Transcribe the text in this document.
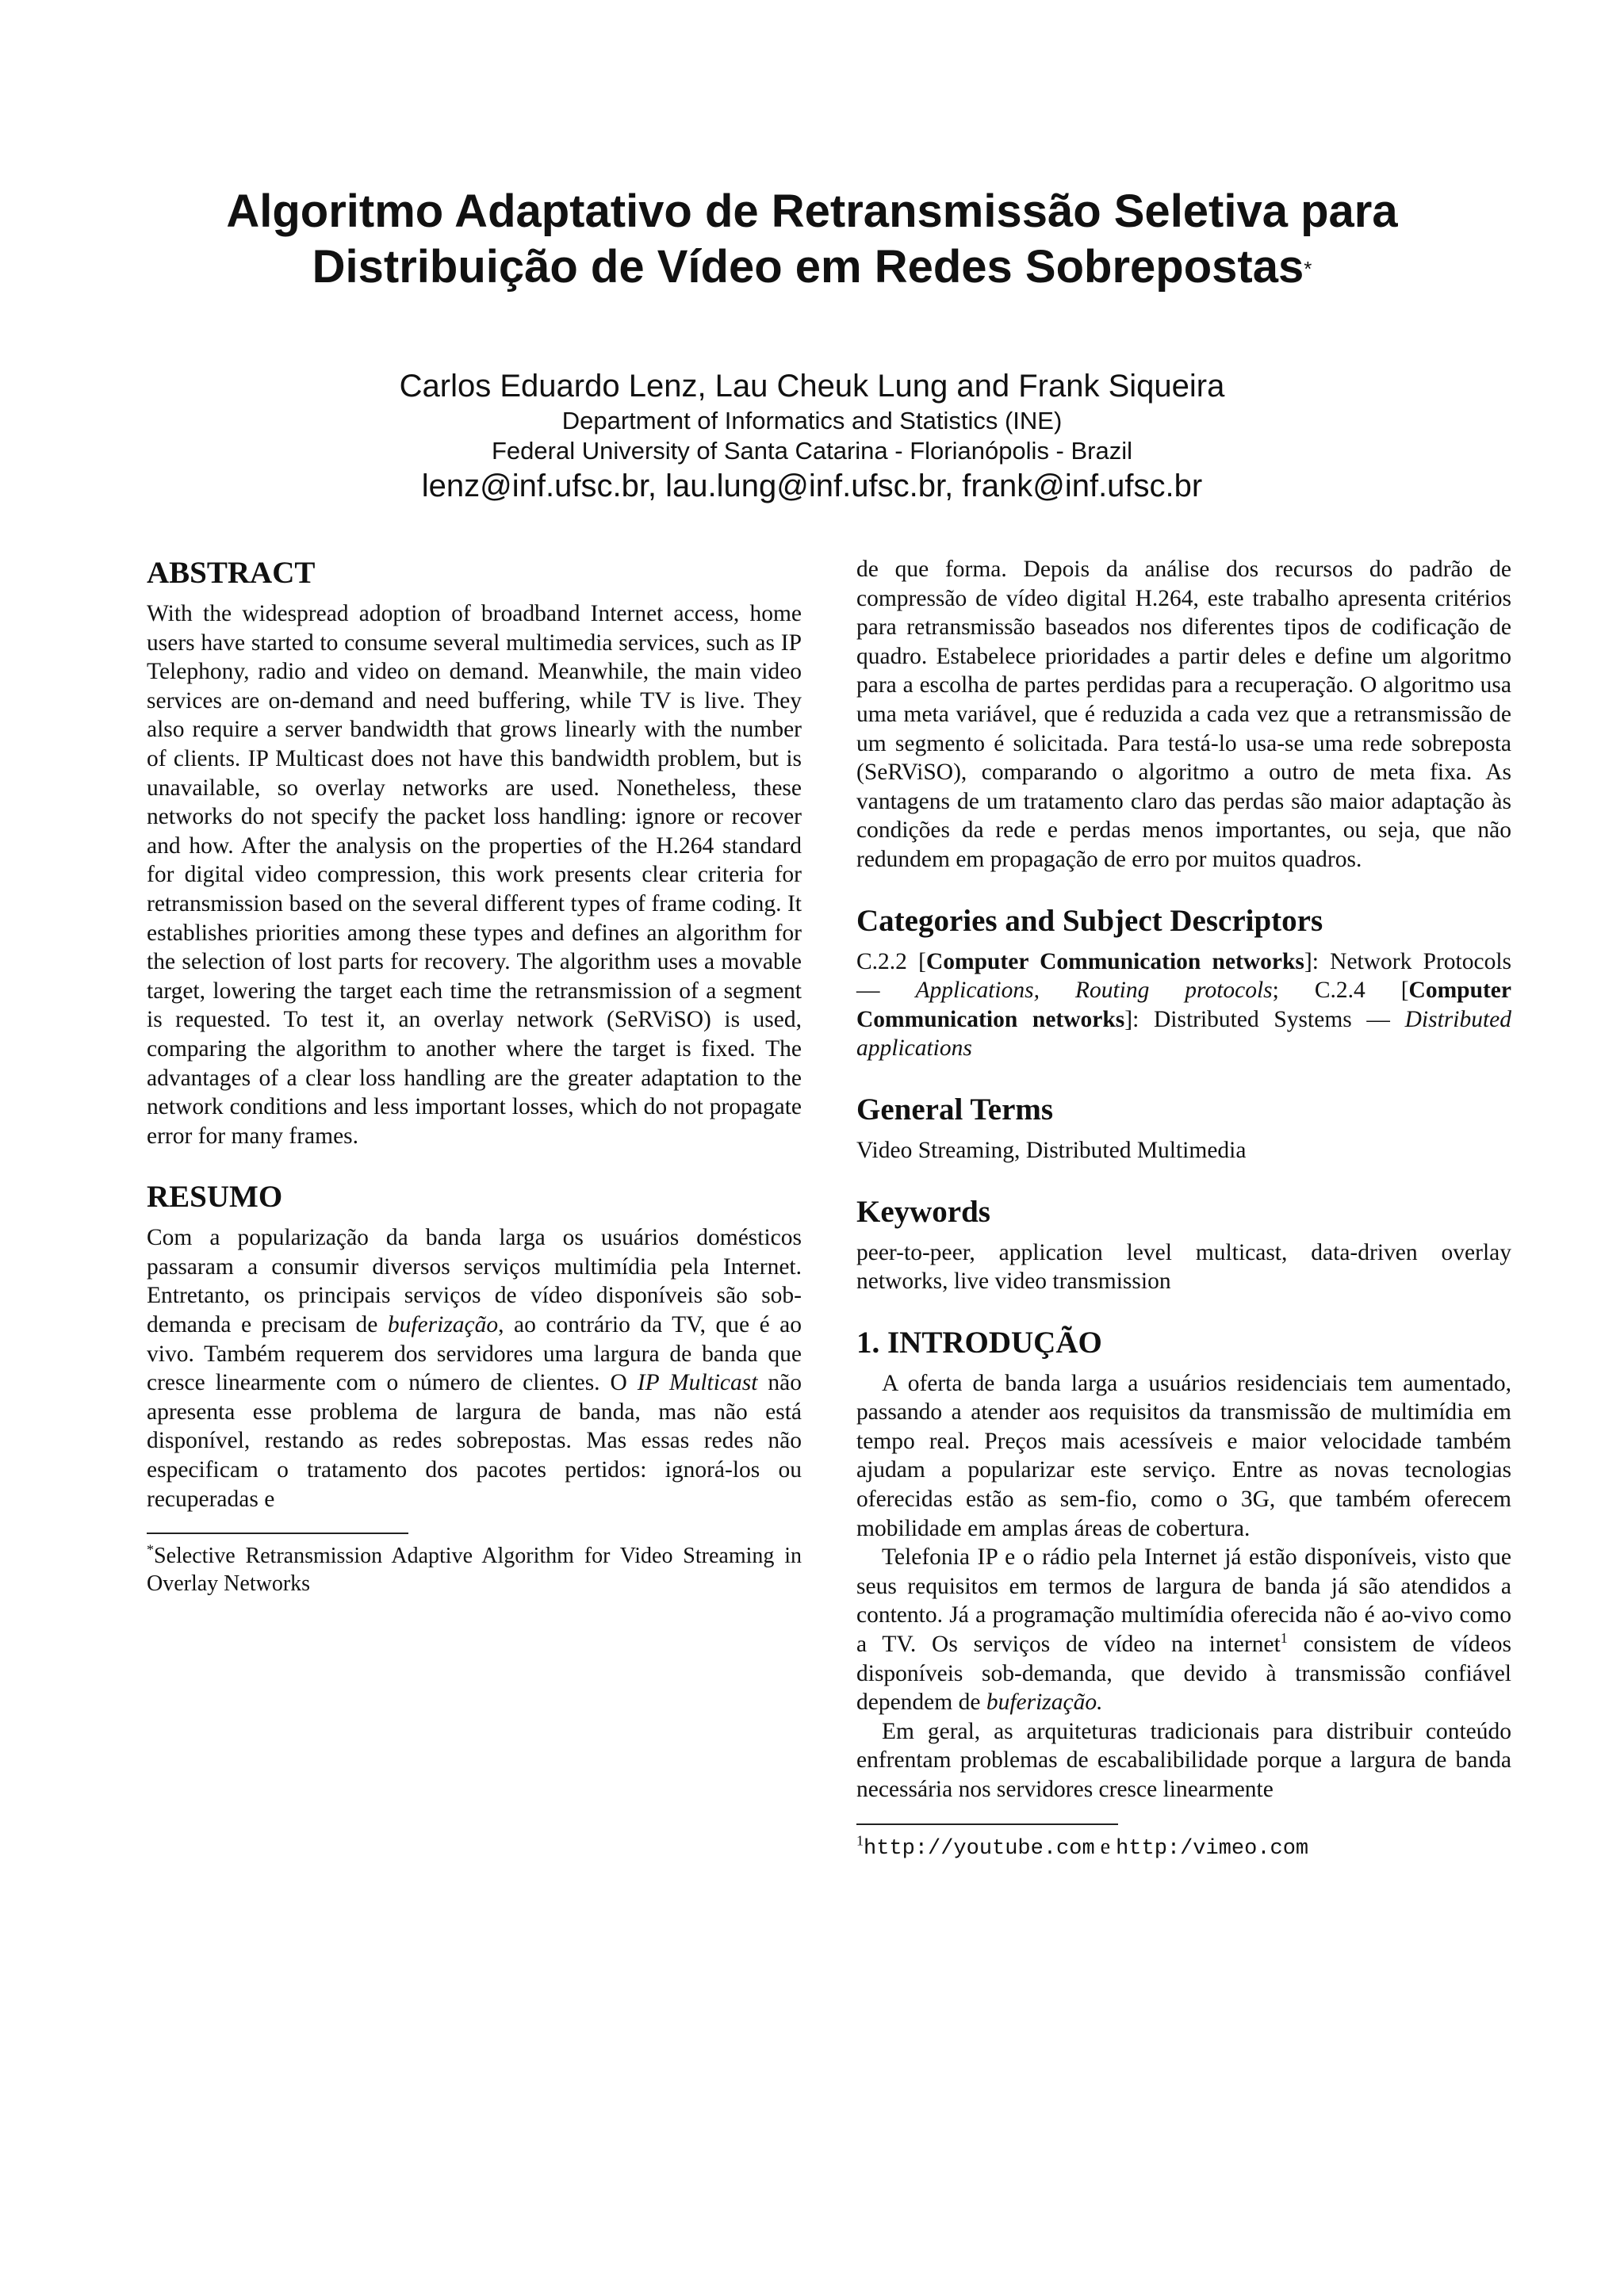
Algoritmo Adaptativo de Retransmissão Seletiva para
Distribuição de Vídeo em Redes Sobrepostas*
Carlos Eduardo Lenz, Lau Cheuk Lung and Frank Siqueira
Department of Informatics and Statistics (INE)
Federal University of Santa Catarina - Florianópolis - Brazil
lenz@inf.ufsc.br, lau.lung@inf.ufsc.br, frank@inf.ufsc.br
ABSTRACT

With the widespread adoption of broadband Internet access, home users have started to consume several multimedia services, such as IP Telephony, radio and video on demand. Meanwhile, the main video services are on-demand and need buffering, while TV is live. They also require a server bandwidth that grows linearly with the number of clients. IP Multicast does not have this bandwidth problem, but is unavailable, so overlay networks are used. Nonetheless, these networks do not specify the packet loss handling: ignore or recover and how. After the analysis on the properties of the H.264 standard for digital video compression, this work presents clear criteria for retransmission based on the several different types of frame coding. It establishes priorities among these types and defines an algorithm for the selection of lost parts for recovery. The algorithm uses a movable target, lowering the target each time the retransmission of a segment is requested. To test it, an overlay network (SeRViSO) is used, comparing the algorithm to another where the target is fixed. The advantages of a clear loss handling are the greater adaptation to the network conditions and less important losses, which do not propagate error for many frames.

RESUMO

Com a popularização da banda larga os usuários domésticos passaram a consumir diversos serviços multimídia pela Internet. Entretanto, os principais serviços de vídeo disponíveis são sob-demanda e precisam de buferização, ao contrário da TV, que é ao vivo. Também requerem dos servidores uma largura de banda que cresce linearmente com o número de clientes. O IP Multicast não apresenta esse problema de largura de banda, mas não está disponível, restando as redes sobrepostas. Mas essas redes não especificam o tratamento dos pacotes pertidos: ignorá-los ou recuperadas e

*Selective Retransmission Adaptive Algorithm for Video Streaming in Overlay Networks

de que forma. Depois da análise dos recursos do padrão de compressão de vídeo digital H.264, este trabalho apresenta critérios para retransmissão baseados nos diferentes tipos de codificação de quadro. Estabelece prioridades a partir deles e define um algoritmo para a escolha de partes perdidas para a recuperação. O algoritmo usa uma meta variável, que é reduzida a cada vez que a retransmissão de um segmento é solicitada. Para testá-lo usa-se uma rede sobreposta (SeRViSO), comparando o algoritmo a outro de meta fixa. As vantagens de um tratamento claro das perdas são maior adaptação às condições da rede e perdas menos importantes, ou seja, que não redundem em propagação de erro por muitos quadros.

Categories and Subject Descriptors

C.2.2 [Computer Communication networks]: Network Protocols — Applications, Routing protocols; C.2.4 [Computer Communication networks]: Distributed Systems — Distributed applications

General Terms

Video Streaming, Distributed Multimedia

Keywords

peer-to-peer, application level multicast, data-driven overlay networks, live video transmission

1. INTRODUÇÃO

A oferta de banda larga a usuários residenciais tem aumentado, passando a atender aos requisitos da transmissão de multimídia em tempo real. Preços mais acessíveis e maior velocidade também ajudam a popularizar este serviço. Entre as novas tecnologias oferecidas estão as sem-fio, como o 3G, que também oferecem mobilidade em amplas áreas de cobertura.

Telefonia IP e o rádio pela Internet já estão disponíveis, visto que seus requisitos em termos de largura de banda já são atendidos a contento. Já a programação multimídia oferecida não é ao-vivo como a TV. Os serviços de vídeo na internet$^1$ consistem de vídeos disponíveis sob-demanda, que devido à transmissão confiável dependem de buferização.

Em geral, as arquiteturas tradicionais para distribuir conteúdo enfrentam problemas de escabalibilidade porque a largura de banda necessária nos servidores cresce linearmente

$^1$http://youtube.com e http:/vimeo.com
